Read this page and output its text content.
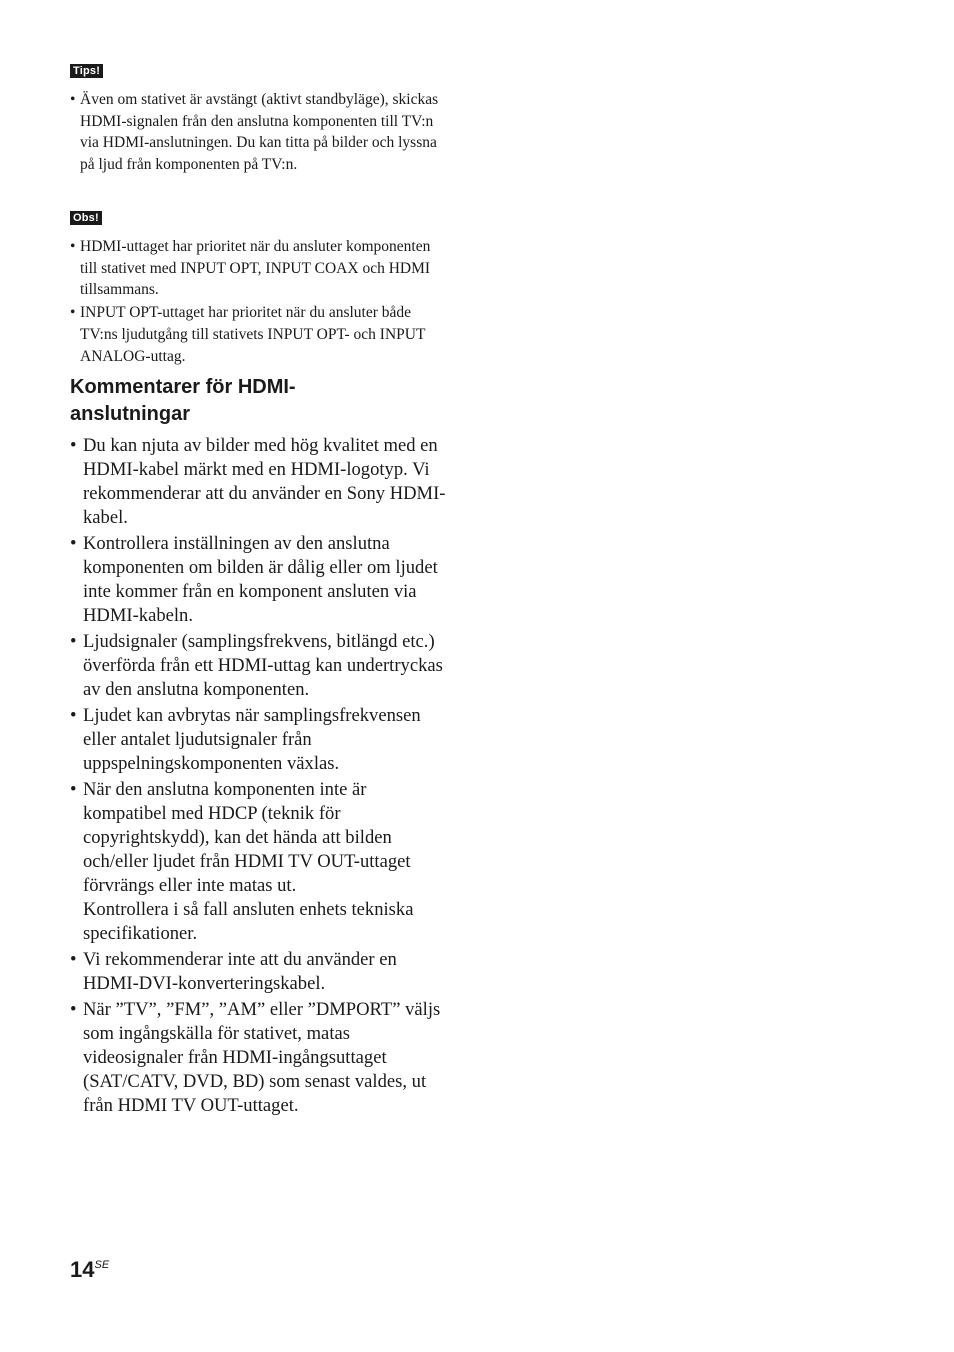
Tips!
• Även om stativet är avstängt (aktivt standbyläge), skickas HDMI-signalen från den anslutna komponenten till TV:n via HDMI-anslutningen. Du kan titta på bilder och lyssna på ljud från komponenten på TV:n.
Obs!
• HDMI-uttaget har prioritet när du ansluter komponenten till stativet med INPUT OPT, INPUT COAX och HDMI tillsammans.
• INPUT OPT-uttaget har prioritet när du ansluter både TV:ns ljudutgång till stativets INPUT OPT- och INPUT ANALOG-uttag.
Kommentarer för HDMI-anslutningar
• Du kan njuta av bilder med hög kvalitet med en HDMI-kabel märkt med en HDMI-logotyp. Vi rekommenderar att du använder en Sony HDMI-kabel.
• Kontrollera inställningen av den anslutna komponenten om bilden är dålig eller om ljudet inte kommer från en komponent ansluten via HDMI-kabeln.
• Ljudsignaler (samplingsfrekvens, bitlängd etc.) överförda från ett HDMI-uttag kan undertryckas av den anslutna komponenten.
• Ljudet kan avbrytas när samplingsfrekvensen eller antalet ljudutsignaler från uppspelningskomponenten växlas.
• När den anslutna komponenten inte är kompatibel med HDCP (teknik för copyrightskydd), kan det hända att bilden och/eller ljudet från HDMI TV OUT-uttaget förvrängs eller inte matas ut.
Kontrollera i så fall ansluten enhets tekniska specifikationer.
• Vi rekommenderar inte att du använder en HDMI-DVI-konverteringskabel.
• När ”TV”, ”FM”, ”AM” eller ”DMPORT” väljs som ingångskälla för stativet, matas videosignaler från HDMI-ingångsuttaget (SAT/CATV, DVD, BD) som senast valdes, ut från HDMI TV OUT-uttaget.
$14^{SE}$
